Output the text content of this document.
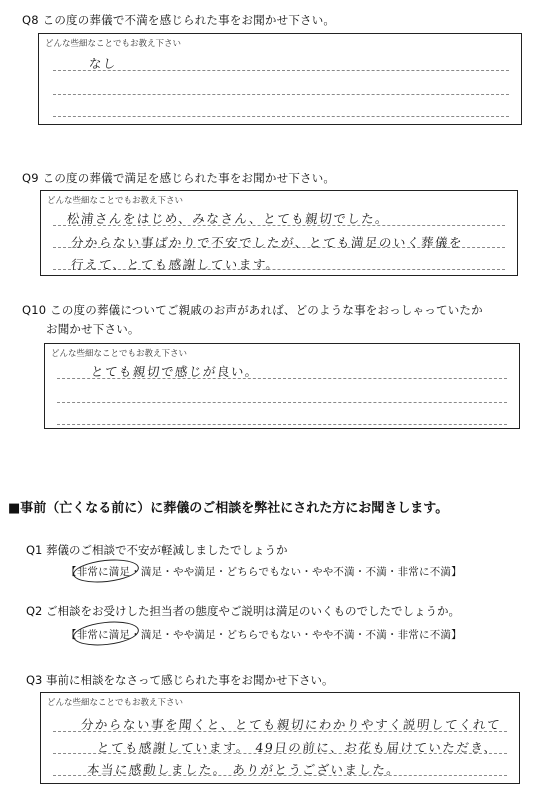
Q8 この度の葬儀で不満を感じられた事をお聞かせ下さい。
どんな些細なことでもお教え下さい
なし
Q9 この度の葬儀で満足を感じられた事をお聞かせ下さい。
どんな些細なことでもお教え下さい
松浦さんをはじめ、みなさん、とても親切でした。
分からない事ばかりで不安でしたが、とても満足のいく葬儀を
行えて、とても感謝しています。
Q10 この度の葬儀についてご親戚のお声があれば、どのような事をおっしゃっていたか
お聞かせ下さい。
どんな些細なことでもお教え下さい
とても親切で感じが良い。
■事前（亡くなる前に）に葬儀のご相談を弊社にされた方にお聞きします。
Q1 葬儀のご相談で不安が軽減しましたでしょうか
【非常に満足・満足・やや満足・どちらでもない・やや不満・不満・非常に不満】
Q2 ご相談をお受けした担当者の態度やご説明は満足のいくものでしたでしょうか。
【非常に満足・満足・やや満足・どちらでもない・やや不満・不満・非常に不満】
Q3 事前に相談をなさって感じられた事をお聞かせ下さい。
どんな些細なことでもお教え下さい
分からない事を聞くと、とても親切にわかりやすく説明してくれて
とても感謝しています。 49日の前に、お花も届けていただき、
本当に感動しました。 ありがとうございました。
